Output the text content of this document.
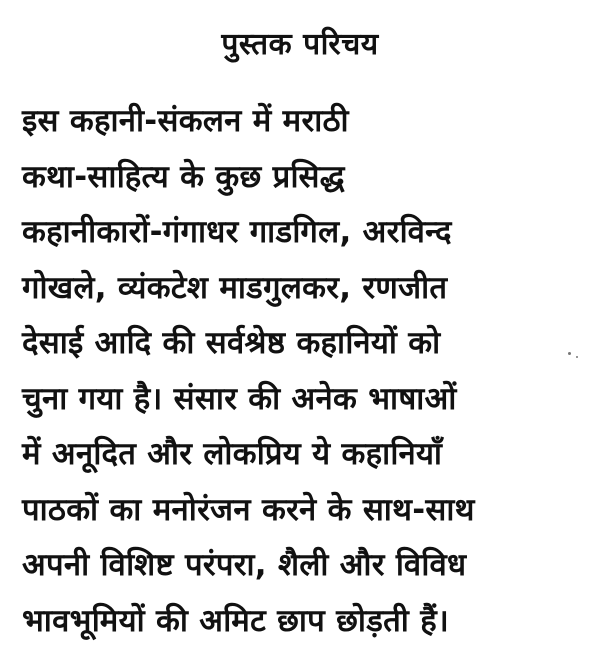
पुस्तक परिचय
इस कहानी-संकलन में मराठी
कथा-साहित्य के कुछ प्रसिद्ध
कहानीकारों-गंगाधर गाडगिल, अरविन्द
गोखले, व्यंकटेश माडगुलकर, रणजीत
देसाई आदि की सर्वश्रेष्ठ कहानियों को
चुना गया है। संसार की अनेक भाषाओं
में अनूदित और लोकप्रिय ये कहानियाँ
पाठकों का मनोरंजन करने के साथ-साथ
अपनी विशिष्ट परंपरा, शैली और विविध
भावभूमियों की अमिट छाप छोड़ती हैं।
